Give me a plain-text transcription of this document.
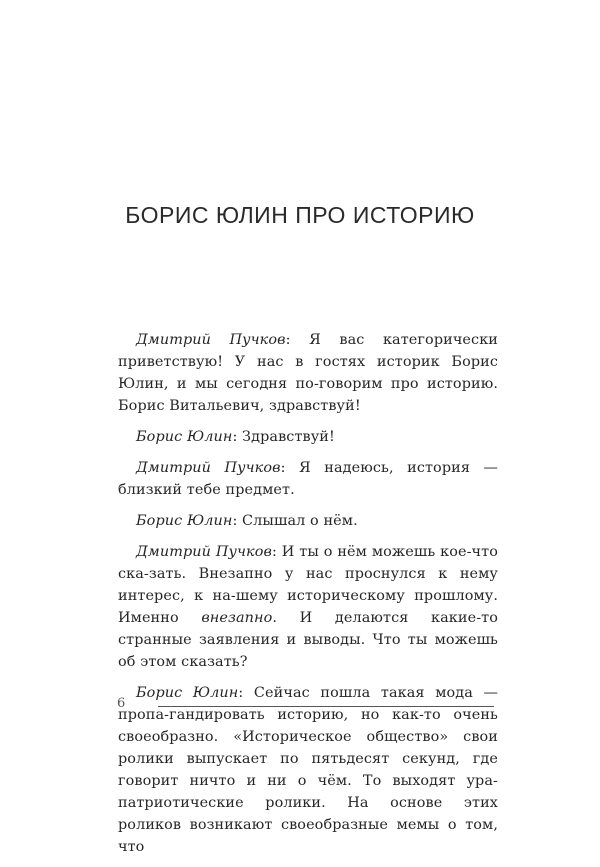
БОРИС ЮЛИН ПРО ИСТОРИЮ

Дмитрий Пучков: Я вас категорически приветствую! У нас в гостях историк Борис Юлин, и мы сегодня по-говорим про историю. Борис Витальевич, здравствуй!

Борис Юлин: Здравствуй!

Дмитрий Пучков: Я надеюсь, история — близкий тебе предмет.

Борис Юлин: Слышал о нём.

Дмитрий Пучков: И ты о нём можешь кое-что ска-зать. Внезапно у нас проснулся к нему интерес, к на-шему историческому прошлому. Именно внезапно. И делаются какие-то странные заявления и выводы. Что ты можешь об этом сказать?

Борис Юлин: Сейчас пошла такая мода — пропа-гандировать историю, но как-то очень своеобразно. «Историческое общество» свои ролики выпускает по пятьдесят секунд, где говорит ничто и ни о чём. То выходят ура-патриотические ролики. На основе этих роликов возникают своеобразные мемы о том, что

6
